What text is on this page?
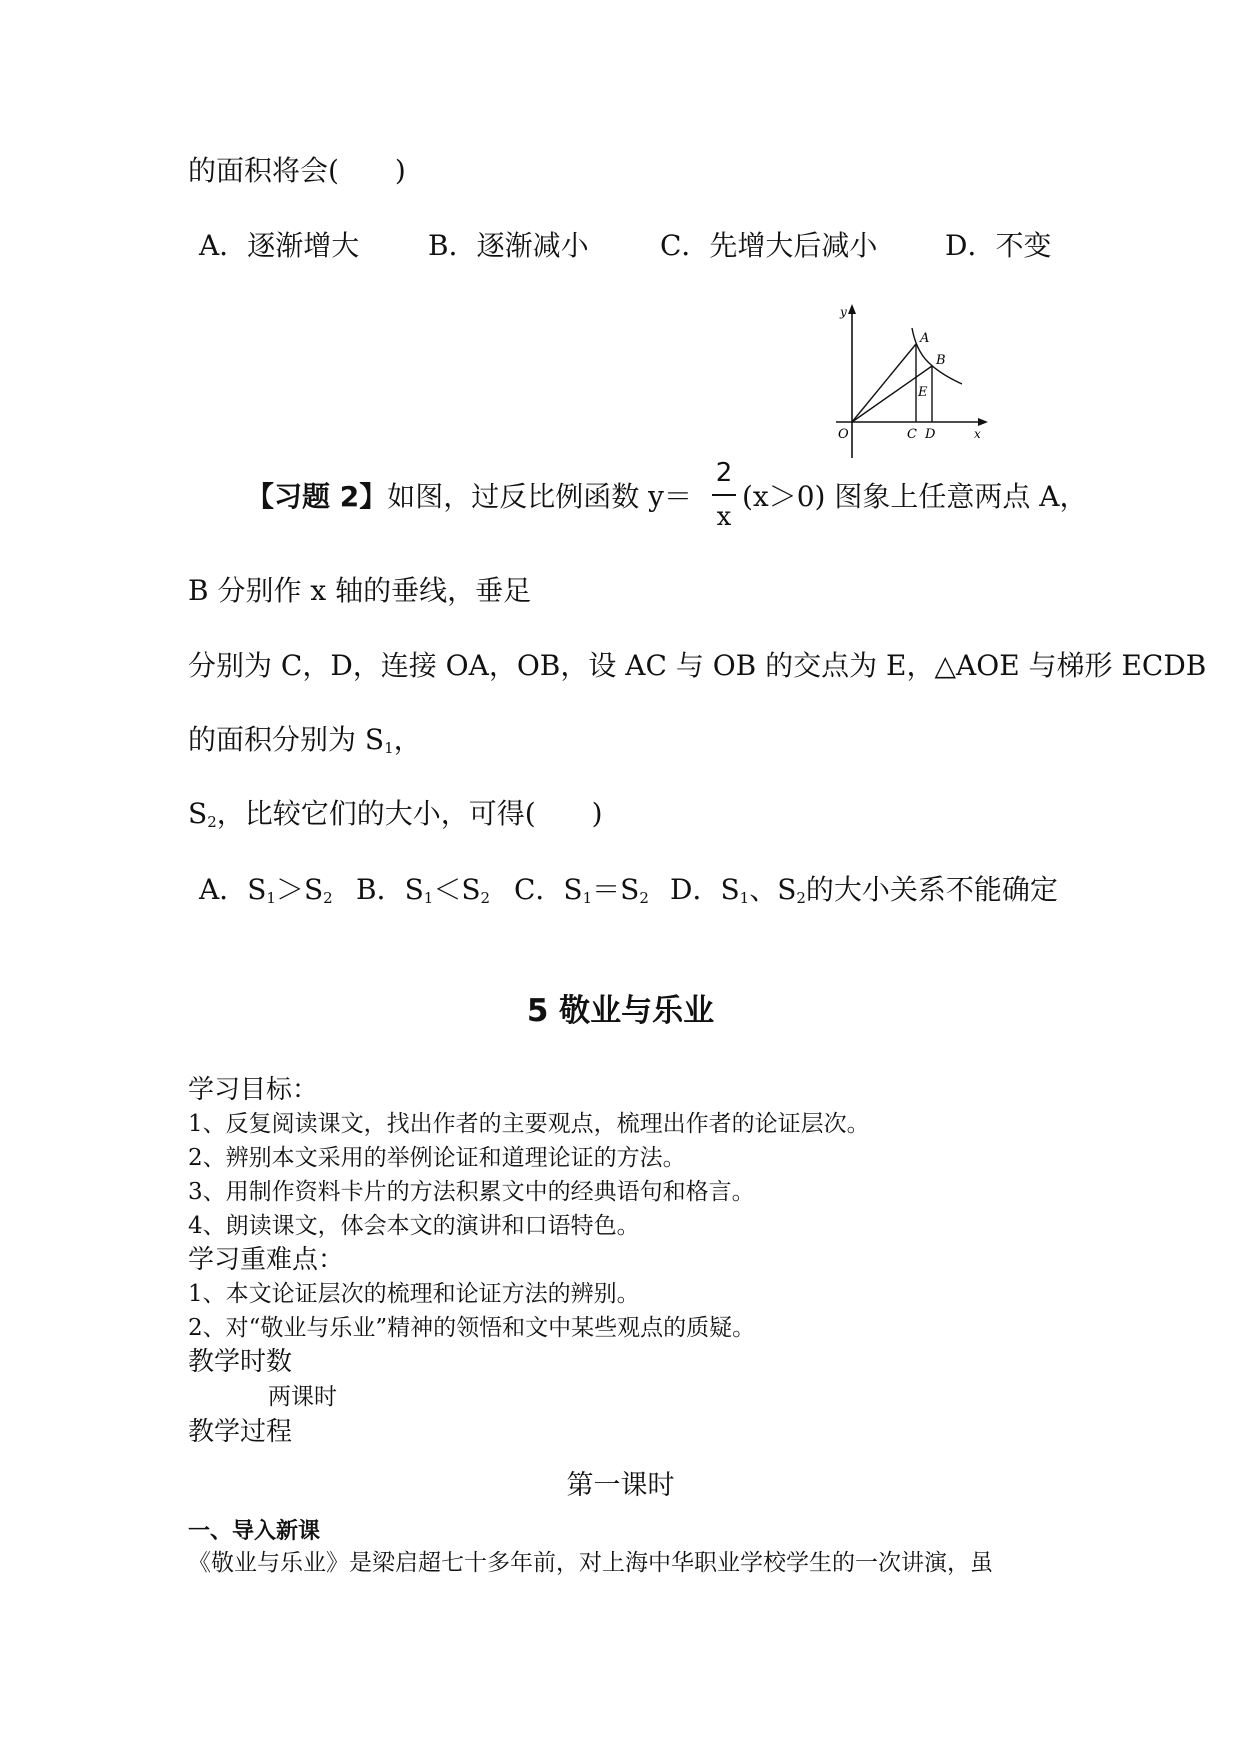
的面积将会(　　)
A．逐渐增大 B．逐渐减小	C．先增大后减小 D．不变
y
x
O
A
B
E
C D
【习题 2】如图，过反比例函数 y＝
2
x
(x＞0) 图象上任意两点 A，
B 分别作 x 轴的垂线，垂足
分别为 C，D，连接 OA，OB，设 AC 与 OB 的交点为 E，△AOE 与梯形 ECDB
的面积分别为 $S_1$，
$S_2$，比较它们的大小，可得(　　)
A．$S_1>S_2$ B．$S_1<S_2$ C．$S_1=S_2$ D．$S_1$、$S_2$的大小关系不能确定
5 敬业与乐业
学习目标：
1、反复阅读课文，找出作者的主要观点，梳理出作者的论证层次。
2、辨别本文采用的举例论证和道理论证的方法。
3、用制作资料卡片的方法积累文中的经典语句和格言。
4、朗读课文，体会本文的演讲和口语特色。
学习重难点：
1、本文论证层次的梳理和论证方法的辨别。
2、对“敬业与乐业”精神的领悟和文中某些观点的质疑。
教学时数
两课时
教学过程
第一课时
一、导入新课
《敬业与乐业》是梁启超七十多年前，对上海中华职业学校学生的一次讲演，虽
